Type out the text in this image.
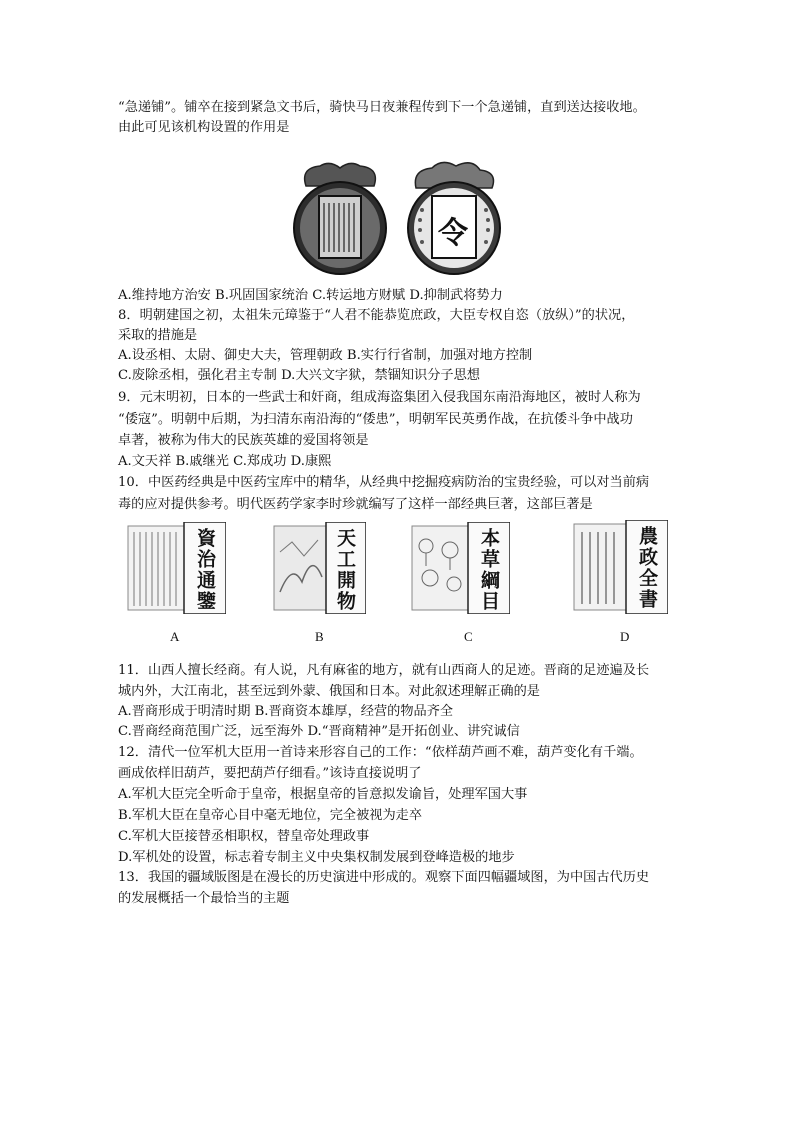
“急递铺”。铺卒在接到紧急文书后，骑快马日夜兼程传到下一个急递铺，直到送达接收地。
由此可见该机构设置的作用是
令
A.维持地方治安 B.巩固国家统治 C.转运地方财赋 D.抑制武将势力
8．明朝建国之初，太祖朱元璋鉴于“人君不能恭览庶政，大臣专权自恣（放纵）”的状况，
采取的措施是
A.设丞相、太尉、御史大夫，管理朝政 B.实行行省制，加强对地方控制
C.废除丞相，强化君主专制 D.大兴文字狱，禁锢知识分子思想
9．元末明初，日本的一些武士和奸商，组成海盗集团入侵我国东南沿海地区，被时人称为
“倭寇”。明朝中后期，为扫清东南沿海的“倭患”，明朝军民英勇作战，在抗倭斗争中战功
卓著，被称为伟大的民族英雄的爱国将领是
A.文天祥 B.戚继光 C.郑成功 D.康熙
10．中医药经典是中医药宝库中的精华，从经典中挖掘疫病防治的宝贵经验，可以对当前病
毒的应对提供参考。明代医药学家李时珍就编写了这样一部经典巨著，这部巨著是
資治通鑒
A
天工開物
B
本草綱目
C
農政全書
D
11．山西人擅长经商。有人说，凡有麻雀的地方，就有山西商人的足迹。晋商的足迹遍及长
城内外，大江南北，甚至远到外蒙、俄国和日本。对此叙述理解正确的是
A.晋商形成于明清时期 B.晋商资本雄厚，经营的物品齐全
C.晋商经商范围广泛，远至海外 D.“晋商精神”是开拓创业、讲究诚信
12．清代一位军机大臣用一首诗来形容自己的工作：“依样葫芦画不难，葫芦变化有千端。
画成依样旧葫芦，要把葫芦仔细看。”该诗直接说明了
A.军机大臣完全听命于皇帝，根据皇帝的旨意拟发谕旨，处理军国大事
B.军机大臣在皇帝心目中毫无地位，完全被视为走卒
C.军机大臣接替丞相职权，替皇帝处理政事
D.军机处的设置，标志着专制主义中央集权制发展到登峰造极的地步
13．我国的疆域版图是在漫长的历史演进中形成的。观察下面四幅疆域图，为中国古代历史
的发展概括一个最恰当的主题
